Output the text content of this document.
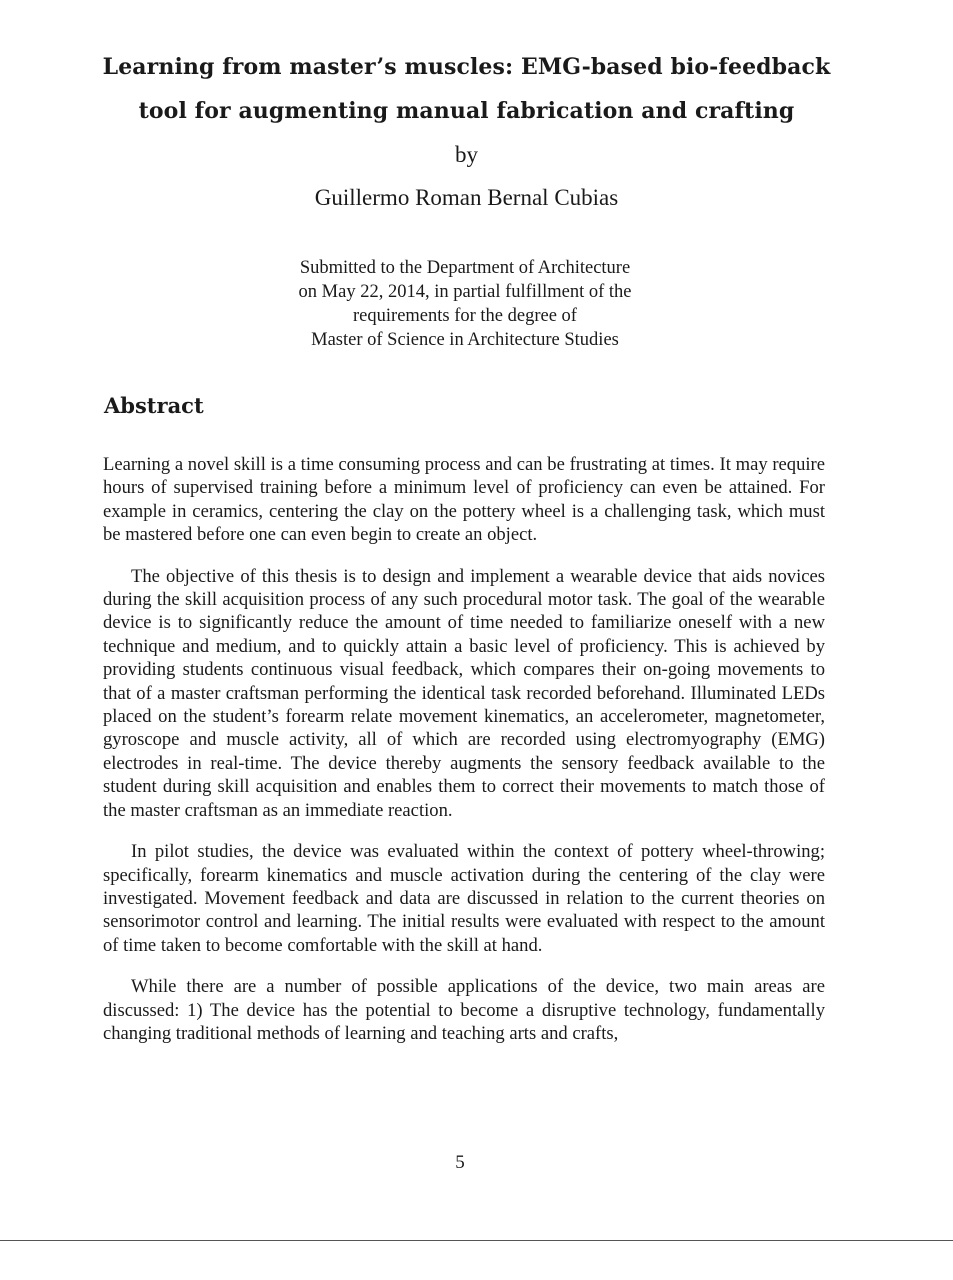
Learning from master’s muscles: EMG-based bio-feedback
tool for augmenting manual fabrication and crafting
by
Guillermo Roman Bernal Cubias
Submitted to the Department of Architecture
on May 22, 2014, in partial fulfillment of the
requirements for the degree of
Master of Science in Architecture Studies
Abstract

Learning a novel skill is a time consuming process and can be frustrating at times. It may require hours of supervised training before a minimum level of proficiency can even be attained. For example in ceramics, centering the clay on the pottery wheel is a challenging task, which must be mastered before one can even begin to create an object.

The objective of this thesis is to design and implement a wearable device that aids novices during the skill acquisition process of any such procedural motor task. The goal of the wearable device is to significantly reduce the amount of time needed to familiarize oneself with a new technique and medium, and to quickly attain a basic level of proficiency. This is achieved by providing students continuous visual feedback, which compares their on-going movements to that of a master craftsman performing the identical task recorded beforehand. Illuminated LEDs placed on the student’s forearm relate movement kinematics, an accelerometer, magnetometer, gyroscope and muscle activity, all of which are recorded using electromyography (EMG) electrodes in real-time. The device thereby augments the sensory feedback available to the student during skill acquisition and enables them to correct their movements to match those of the master craftsman as an immediate reaction.

In pilot studies, the device was evaluated within the context of pottery wheel-throwing; specifically, forearm kinematics and muscle activation during the centering of the clay were investigated. Movement feedback and data are discussed in relation to the current theories on sensorimotor control and learning. The initial results were evaluated with respect to the amount of time taken to become comfortable with the skill at hand.

While there are a number of possible applications of the device, two main areas are discussed: 1) The device has the potential to become a disruptive technology, fundamentally changing traditional methods of learning and teaching arts and crafts,

5
